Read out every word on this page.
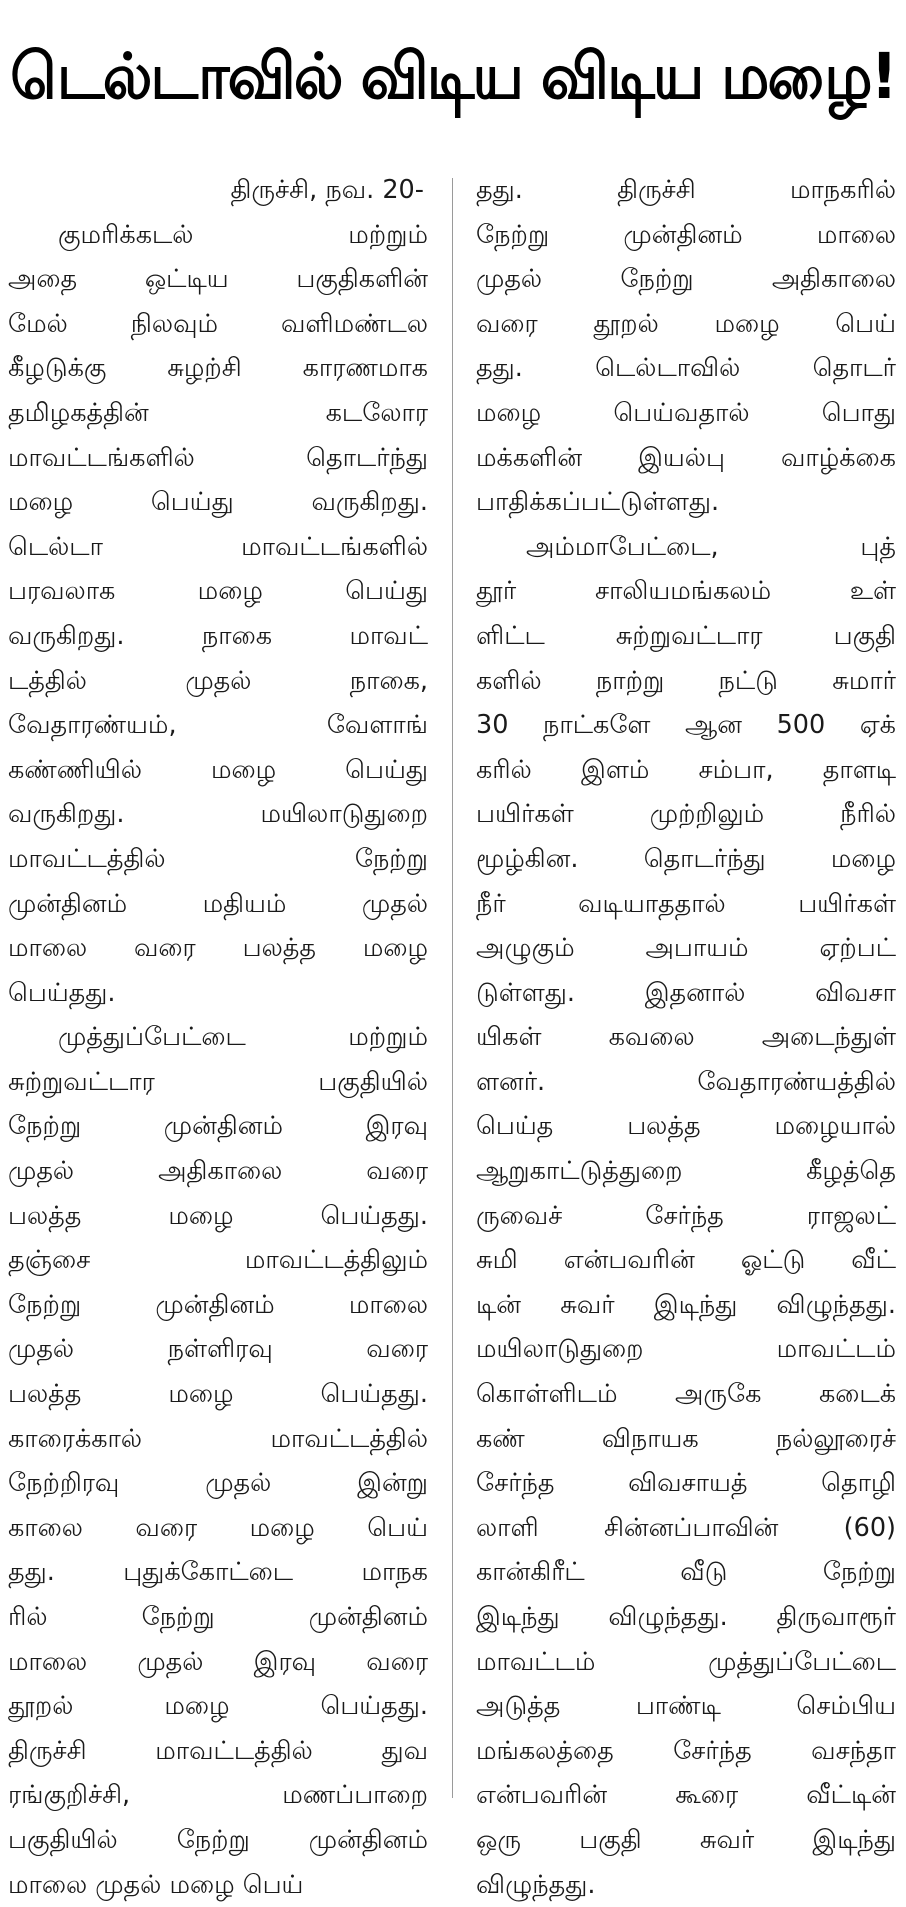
டெல்டாவில் விடிய விடிய மழை!
திருச்சி, நவ. 20-
குமரிக்கடல் மற்றும்
அதை ஒட்டிய பகுதிகளின்
மேல் நிலவும் வளிமண்டல
கீழடுக்கு சுழற்சி காரணமாக
தமிழகத்தின் கடலோர
மாவட்டங்களில் தொடர்ந்து
மழை பெய்து வருகிறது.
டெல்டா மாவட்டங்களில்
பரவலாக மழை பெய்து
வருகிறது. நாகை மாவட்
டத்தில் முதல் நாகை,
வேதாரண்யம், வேளாங்
கண்ணியில் மழை பெய்து
வருகிறது. மயிலாடுதுறை
மாவட்டத்தில் நேற்று
முன்தினம் மதியம் முதல்
மாலை வரை பலத்த மழை
பெய்தது.
முத்துப்பேட்டை மற்றும்
சுற்றுவட்டார பகுதியில்
நேற்று முன்தினம் இரவு
முதல் அதிகாலை வரை
பலத்த மழை பெய்தது.
தஞ்சை மாவட்டத்திலும்
நேற்று முன்தினம் மாலை
முதல் நள்ளிரவு வரை
பலத்த மழை பெய்தது.
காரைக்கால் மாவட்டத்தில்
நேற்றிரவு முதல் இன்று
காலை வரை மழை பெய்
தது. புதுக்கோட்டை மாநக
ரில் நேற்று முன்தினம்
மாலை முதல் இரவு வரை
தூறல் மழை பெய்தது.
திருச்சி மாவட்டத்தில் துவ
ரங்குறிச்சி, மணப்பாறை
பகுதியில் நேற்று முன்தினம்
மாலை முதல் மழை பெய்
தது. திருச்சி மாநகரில்
நேற்று முன்தினம் மாலை
முதல் நேற்று அதிகாலை
வரை தூறல் மழை பெய்
தது. டெல்டாவில் தொடர்
மழை பெய்வதால் பொது
மக்களின் இயல்பு வாழ்க்கை
பாதிக்கப்பட்டுள்ளது.
அம்மாபேட்டை, புத்
தூர் சாலியமங்கலம் உள்
ளிட்ட சுற்றுவட்டார பகுதி
களில் நாற்று நட்டு சுமார்
30 நாட்களே ஆன 500 ஏக்
கரில் இளம் சம்பா, தாளடி
பயிர்கள் முற்றிலும் நீரில்
மூழ்கின. தொடர்ந்து மழை
நீர் வடியாததால் பயிர்கள்
அழுகும் அபாயம் ஏற்பட்
டுள்ளது. இதனால் விவசா
யிகள் கவலை அடைந்துள்
ளனர். வேதாரண்யத்தில்
பெய்த பலத்த மழையால்
ஆறுகாட்டுத்துறை கீழத்தெ
ருவைச் சேர்ந்த ராஜலட்
சுமி என்பவரின் ஓட்டு வீட்
டின் சுவர் இடிந்து விழுந்தது.
மயிலாடுதுறை மாவட்டம்
கொள்ளிடம் அருகே கடைக்
கண் விநாயக நல்லூரைச்
சேர்ந்த விவசாயத் தொழி
லாளி சின்னப்பாவின் (60)
கான்கிரீட் வீடு நேற்று
இடிந்து விழுந்தது. திருவாரூர்
மாவட்டம் முத்துப்பேட்டை
அடுத்த பாண்டி செம்பிய
மங்கலத்தை சேர்ந்த வசந்தா
என்பவரின் கூரை வீட்டின்
ஒரு பகுதி சுவர் இடிந்து
விழுந்தது.
